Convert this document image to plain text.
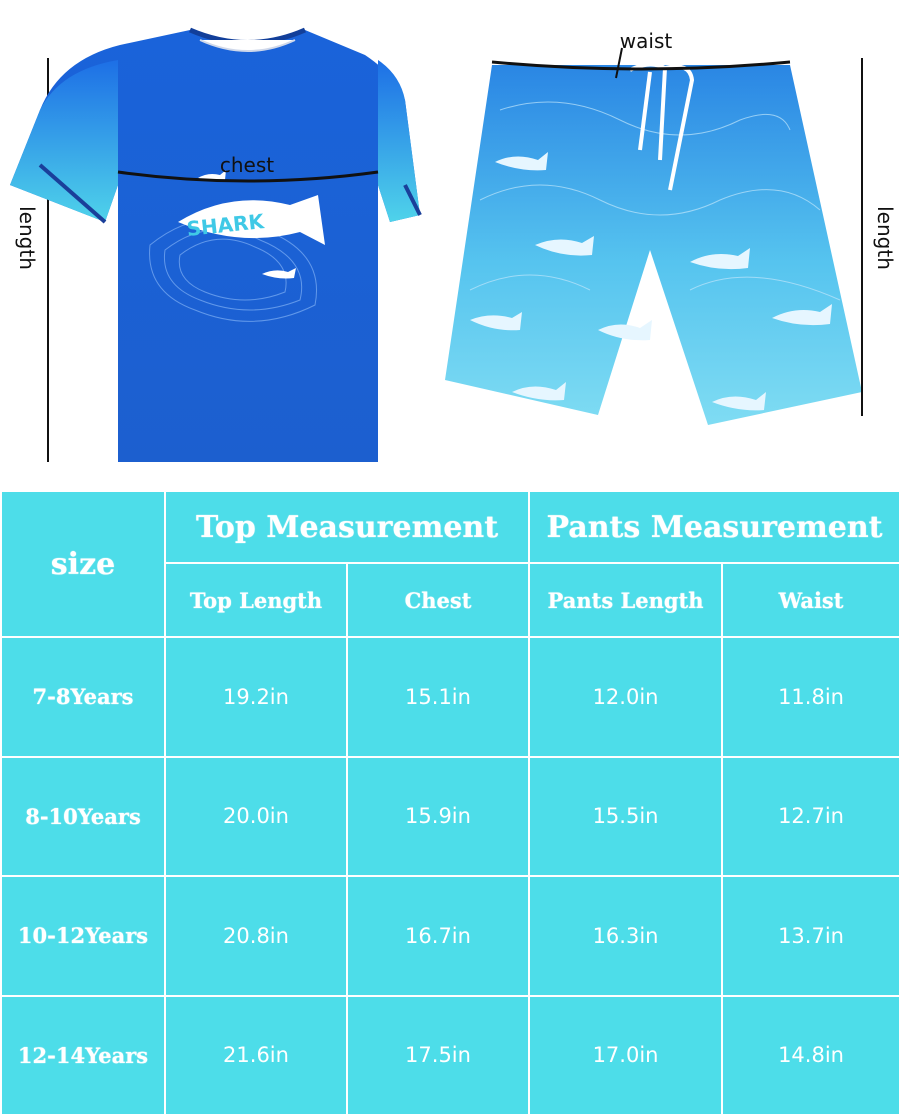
length	SHARK
chest
waist
length
size	Top Measurement		Pants Measurement	
	Top Length	Chest	Pants Length	Waist
7-8Years	19.2in	15.1in	12.0in	11.8in
8-10Years	20.0in	15.9in	15.5in	12.7in
10-12Years	20.8in	16.7in	16.3in	13.7in
12-14Years	21.6in	17.5in	17.0in	14.8in
